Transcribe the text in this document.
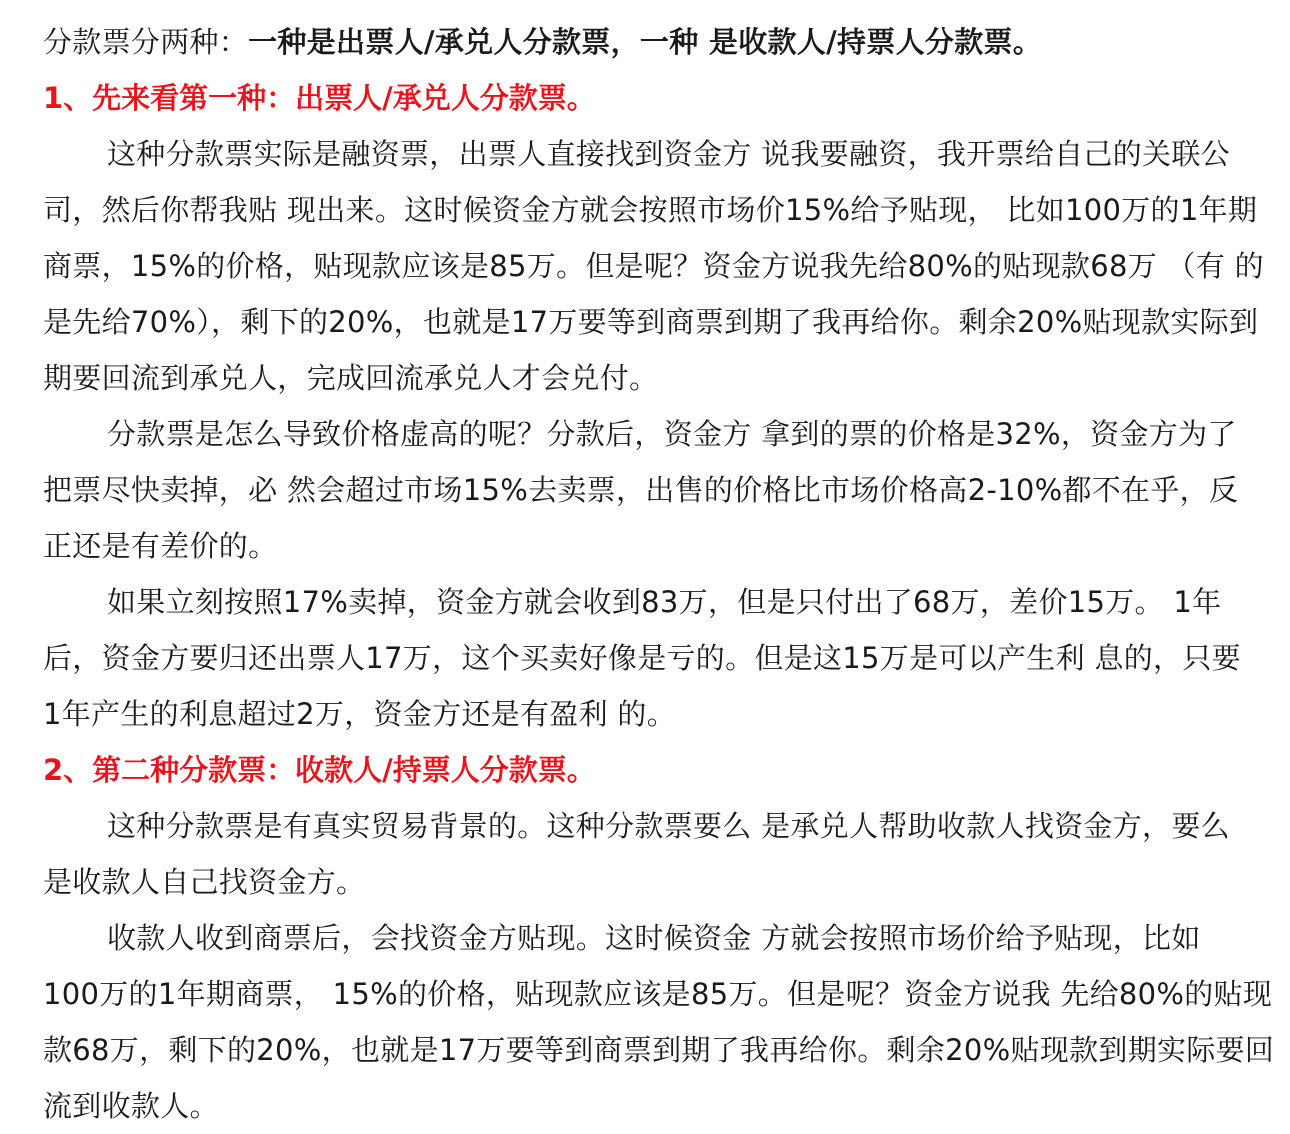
分款票分两种：一种是出票人/承兑人分款票，一种 是收款人/持票人分款票。
1、先来看第一种：出票人/承兑人分款票。
这种分款票实际是融资票，出票人直接找到资金方 说我要融资，我开票给自己的关联公
司，然后你帮我贴 现出来。这时候资金方就会按照市场价15%给予贴现， 比如100万的1年期
商票，15%的价格，贴现款应该是85万。但是呢？资金方说我先给80%的贴现款68万 （有 的
是先给70%），剩下的20%，也就是17万要等到商票到期了我再给你。剩余20%贴现款实际到
期要回流到承兑人，完成回流承兑人才会兑付。
分款票是怎么导致价格虚高的呢？分款后，资金方 拿到的票的价格是32%，资金方为了
把票尽快卖掉，必 然会超过市场15%去卖票，出售的价格比市场价格高2-10%都不在乎，反
正还是有差价的。
如果立刻按照17%卖掉，资金方就会收到83万，但是只付出了68万，差价15万。 1年
后，资金方要归还出票人17万，这个买卖好像是亏的。但是这15万是可以产生利 息的，只要
1年产生的利息超过2万，资金方还是有盈利 的。
2、第二种分款票：收款人/持票人分款票。
这种分款票是有真实贸易背景的。这种分款票要么 是承兑人帮助收款人找资金方，要么
是收款人自己找资金方。
收款人收到商票后，会找资金方贴现。这时候资金 方就会按照市场价给予贴现，比如
100万的1年期商票， 15%的价格，贴现款应该是85万。但是呢？资金方说我 先给80%的贴现
款68万，剩下的20%，也就是17万要等到商票到期了我再给你。剩余20%贴现款到期实际要回
流到收款人。
